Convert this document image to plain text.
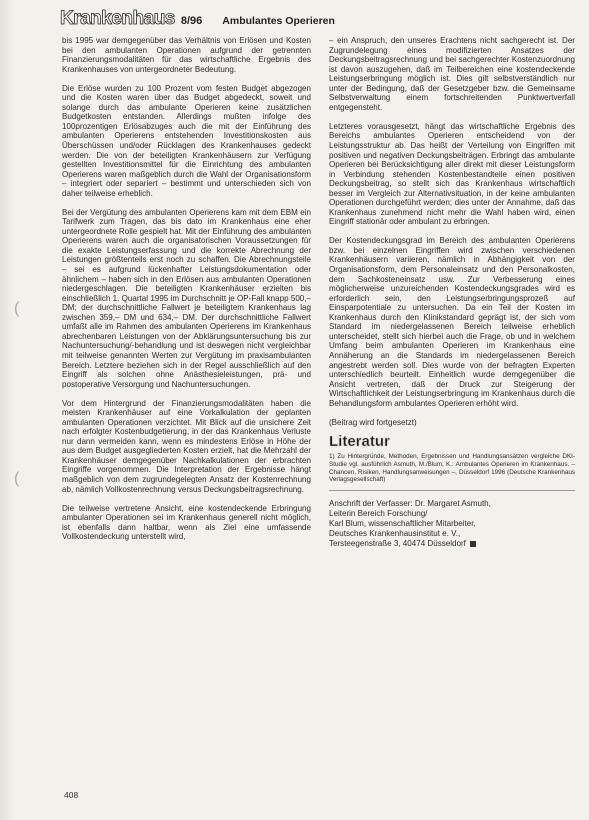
Krankenhaus 8/96 Ambulantes Operieren
(
(

bis 1995 war demgegenüber das Verhältnis von Erlösen und Kosten bei den ambulanten Operationen aufgrund der getrennten Finanzierungsmodalitäten für das wirtschaftliche Ergebnis des Krankenhauses von untergeordneter Bedeutung.

Die Erlöse wurden zu 100 Prozent vom festen Budget abgezogen und die Kosten waren über das Budget abgedeckt, soweit und solange durch das ambulante Operieren keine zusätzlichen Budgetkosten entstanden. Allerdings mußten infolge des 100prozentigen Erlösabzuges auch die mit der Einführung des ambulanten Operierens entstehenden Investitionskosten aus Überschüssen und/oder Rücklagen des Krankenhauses gedeckt werden. Die von der beteiligten Krankenhäusern zur Verfügung gestellten Investitionsmittel für die Einrichtung des ambulanten Operierens waren maßgeblich durch die Wahl der Organisationsform – integriert oder separiert – bestimmt und unterschieden sich von daher teilweise erheblich.

Bei der Vergütung des ambulanten Operierens kam mit dem EBM ein Tarifwerk zum Tragen, das bis dato im Krankenhaus eine eher untergeordnete Rolle gespielt hat. Mit der Einführung des ambulanten Operierens waren auch die organisatorischen Voraussetzungen für die exakte Leistungserfassung und die korrekte Abrechnung der Leistungen größtenteils erst noch zu schaffen. Die Abrechnungsteile – sei es aufgrund lückenhafter Leistungsdokumentation oder ähnlichem – haben sich in den Erlösen aus ambulanten Operationen niedergeschlagen. Die beteiligten Krankenhäuser erzielten bis einschließlich 1. Quartal 1995 im Durchschnitt je OP-Fall knapp 500,– DM; der durchschnittliche Fallwert je beteiligtem Krankenhaus lag zwischen 359,– DM und 634,– DM. Der durchschnittliche Fallwert umfaßt alle im Rahmen des ambulanten Operierens im Krankenhaus abrechenbaren Leistungen von der Abklärungsuntersuchung bis zur Nachuntersuchung/-behandlung und ist deswegen nicht vergleichbar mit teilweise genannten Werten zur Vergütung im praxisambulanten Bereich. Letztere beziehen sich in der Regel ausschließlich auf den Eingriff als solchen ohne Anästhesieleistungen, prä- und postoperative Versorgung und Nachuntersuchungen.

Vor dem Hintergrund der Finanzierungsmodalitäten haben die meisten Krankenhäuser auf eine Vorkalkulation der geplanten ambulanten Operationen verzichtet. Mit Blick auf die unsichere Zeit nach erfolgter Kostenbudgetierung, in der das Krankenhaus Verluste nur dann vermeiden kann, wenn es mindestens Erlöse in Höhe der aus dem Budget ausgegliederten Kosten erzielt, hat die Mehrzahl der Krankenhäuser demgegenüber Nachkalkulationen der erbrachten Eingriffe vorgenommen. Die Interpretation der Ergebnisse hängt maßgeblich von dem zugrundegelegten Ansatz der Kostenrechnung ab, nämlich Vollkostenrechnung versus Deckungsbeitragsrechnung.

Die teilweise vertretene Ansicht, eine kostendeckende Erbringung ambulanter Operationen sei im Krankenhaus generell nicht möglich, ist ebenfalls dann haltbar, wenn als Ziel eine umfassende Vollkostendeckung unterstellt wird,

– ein Anspruch, den unseres Erachtens nicht sachgerecht ist. Der Zugrundelegung eines modifizierten Ansatzes der Deckungsbeitragsrechnung und bei sachgerechter Kostenzuordnung ist davon auszugehen, daß im Teilbereichen eine kostendeckende Leistungserbringung möglich ist. Dies gilt selbstverständlich nur unter der Bedingung, daß der Gesetzgeber bzw. die Gemeinsame Selbstverwaltung einem fortschreitenden Punktwertverfall entgegensteht.

Letzteres vorausgesetzt, hängt das wirtschaftliche Ergebnis des Bereichs ambulantes Operieren entscheidend von der Leistungsstruktur ab. Das heißt der Verteilung von Eingriffen mit positiven und negativen Deckungsbeiträgen. Erbringt das ambulante Operieren bei Berücksichtigung aller direkt mit dieser Leistungsform in Verbindung stehenden Kostenbestandteile einen positiven Deckungsbeitrag, so stellt sich das Krankenhaus wirtschaftlich besser im Vergleich zur Alternativsituation, in der keine ambulanten Operationen durchgeführt werden; dies unter der Annahme, daß das Krankenhaus zunehmend nicht mehr die Wahl haben wird, einen Eingriff stationär oder ambulant zu erbringen.

Der Kostendeckungsgrad im Bereich des ambulanten Operierens bzw. bei einzelnen Eingriffen wird zwischen verschiedenen Krankenhäusern variieren, nämlich in Abhängigkeit von der Organisationsform, dem Personaleinsatz und den Personalkosten, dem Sachkosteneinsatz usw. Zur Verbesserung eines möglicherweise unzureichenden Kostendeckungsgrades wird es erforderlich sein, den Leistungserbringungsprozeß auf Einsparpotentiale zu untersuchen. Da ein Teil der Kosten im Krankenhaus durch den Klinikstandard geprägt ist, der sich vom Standard im niedergelassenen Bereich teilweise erheblich unterscheidet, stellt sich hierbei auch die Frage, ob und in welchem Umfang beim ambulanten Operieren im Krankenhaus eine Annäherung an die Standards im niedergelassenen Bereich angestrebt werden soll. Dies wurde von der befragten Experten unterschiedlich beurteilt. Einheitlich wurde demgegenüber die Ansicht vertreten, daß der Druck zur Steigerung der Wirtschaftlichkeit der Leistungserbringung im Krankenhaus durch die Behandlungsform ambulantes Operieren erhöht wird.

(Beitrag wird fortgesetzt)

Literatur

1) Zu Hintergründe, Methoden, Ergebnissen und Handlungsansätzen vergleiche DKI-Studie vgl. ausführlich Asmuth, M./Blum, K.: Ambulantes Operieren im Krankenhaus. – Chancen, Risiken, Handlungsanweisungen –, Düsseldorf 1996 (Deutsche Krankenhaus Verlagsgesellschaft)

Anschrift der Verfasser: Dr. Margaret Asmuth,

Leiterin Bereich Forschung/

Karl Blum, wissenschaftlicher Mitarbeiter,

Deutsches Krankenhausinstitut e. V.,

Tersteegenstraße 3, 40474 Düsseldorf

408
